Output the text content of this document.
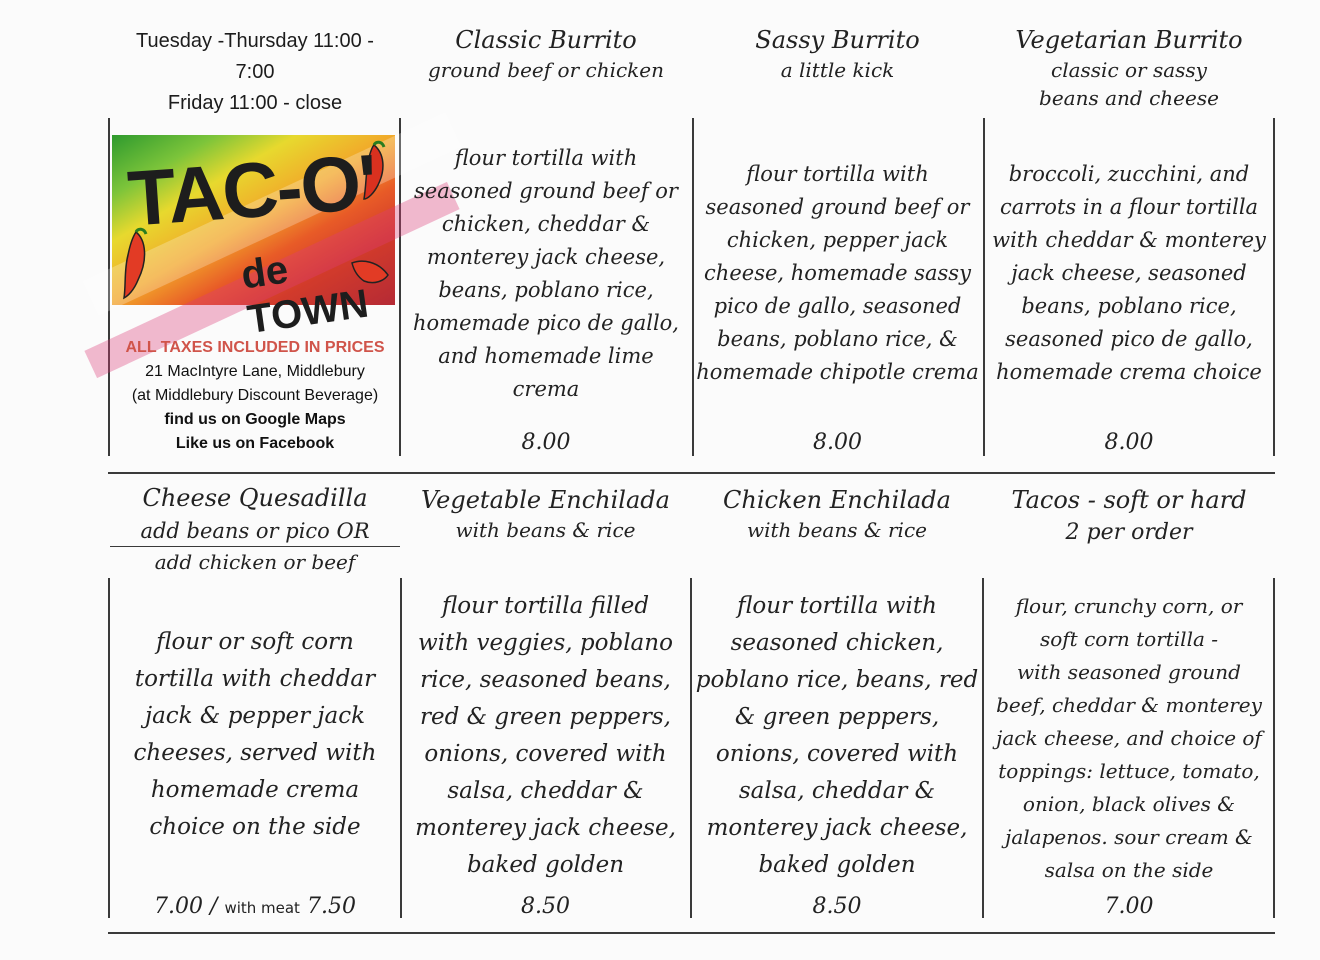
Tuesday -Thursday 11:00 -
7:00
Friday 11:00 - close
TAC-O'
de TOWN
ALL TAXES INCLUDED IN PRICES
21 MacIntyre Lane, Middlebury
(at Middlebury Discount Beverage)
find us on Google Maps
Like us on Facebook
Classic Burrito
ground beef or chicken
flour tortilla with
seasoned ground beef or
chicken, cheddar &
monterey jack cheese,
beans, poblano rice,
homemade pico de gallo,
and homemade lime
crema
8.00
Sassy Burrito
a little kick
flour tortilla with
seasoned ground beef or
chicken, pepper jack
cheese, homemade sassy
pico de gallo, seasoned
beans, poblano rice, &
homemade chipotle crema
8.00
Vegetarian Burrito
classic or sassy
beans and cheese
broccoli, zucchini, and
carrots in a flour tortilla
with cheddar & monterey
jack cheese, seasoned
beans, poblano rice,
seasoned pico de gallo,
homemade crema choice
8.00
Cheese Quesadilla
add beans or pico OR
add chicken or beef
flour or soft corn
tortilla with cheddar
jack & pepper jack
cheeses, served with
homemade crema
choice on the side
7.00 / with meat 7.50
Vegetable Enchilada
with beans & rice
flour tortilla filled
with veggies, poblano
rice, seasoned beans,
red & green peppers,
onions, covered with
salsa, cheddar &
monterey jack cheese,
baked golden
8.50
Chicken Enchilada
with beans & rice
flour tortilla with
seasoned chicken,
poblano rice, beans, red
& green peppers,
onions, covered with
salsa, cheddar &
monterey jack cheese,
baked golden
8.50
Tacos - soft or hard
2 per order
flour, crunchy corn, or
soft corn tortilla -
with seasoned ground
beef, cheddar & monterey
jack cheese, and choice of
toppings: lettuce, tomato,
onion, black olives &
jalapenos. sour cream &
salsa on the side
7.00
